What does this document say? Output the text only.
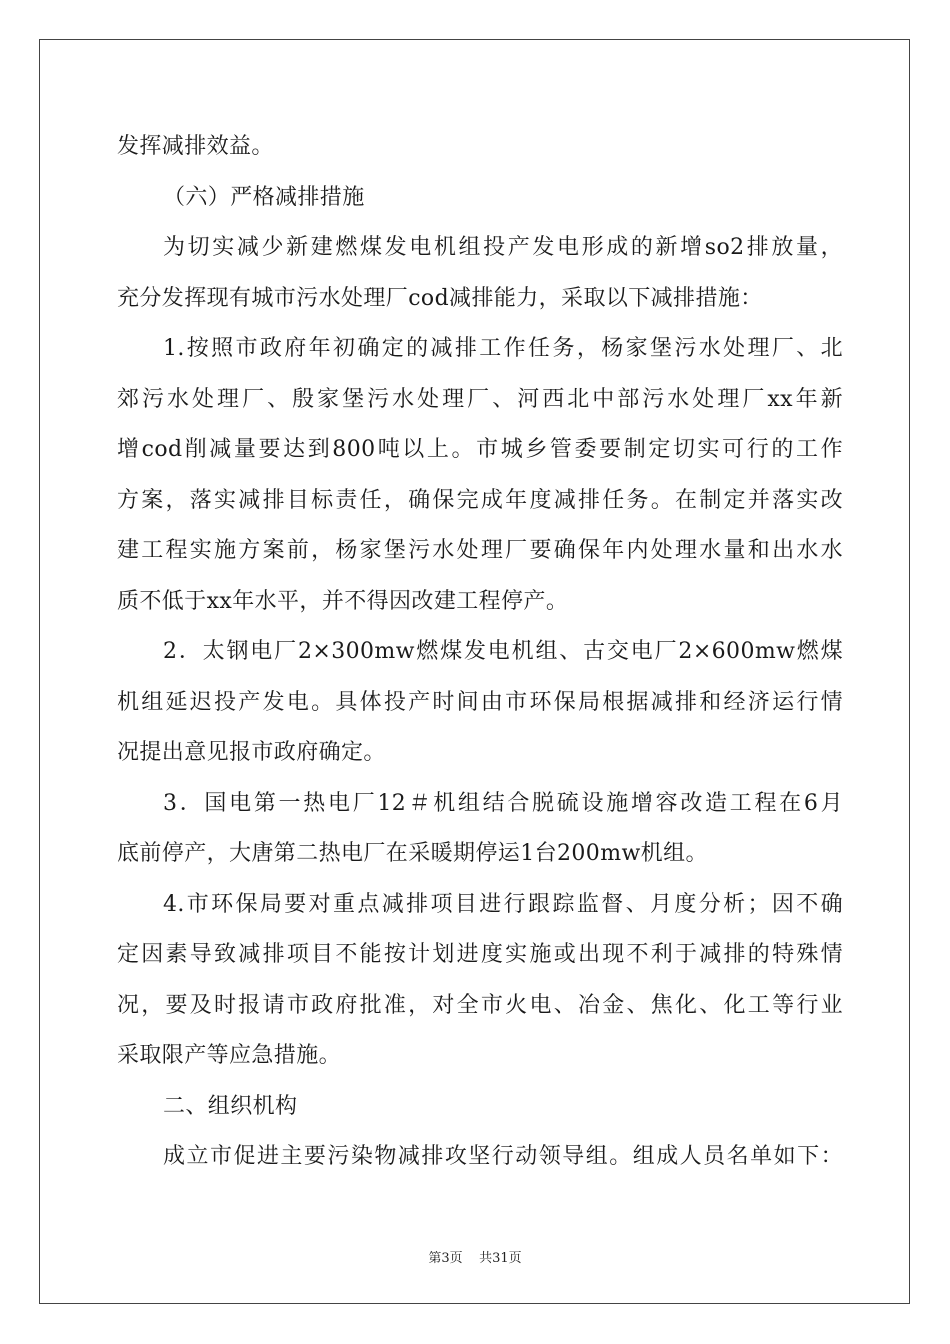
发挥减排效益。
（六）严格减排措施
为切实减少新建燃煤发电机组投产发电形成的新增so2排放量，
充分发挥现有城市污水处理厂cod减排能力，采取以下减排措施：
1.按照市政府年初确定的减排工作任务，杨家堡污水处理厂、北
郊污水处理厂、殷家堡污水处理厂、河西北中部污水处理厂xx年新
增cod削减量要达到800吨以上。市城乡管委要制定切实可行的工作
方案，落实减排目标责任，确保完成年度减排任务。在制定并落实改
建工程实施方案前，杨家堡污水处理厂要确保年内处理水量和出水水
质不低于xx年水平，并不得因改建工程停产。
2．太钢电厂2×300mw燃煤发电机组、古交电厂2×600mw燃煤
机组延迟投产发电。具体投产时间由市环保局根据减排和经济运行情
况提出意见报市政府确定。
3．国电第一热电厂12＃机组结合脱硫设施增容改造工程在6月
底前停产，大唐第二热电厂在采暖期停运1台200mw机组。
4.市环保局要对重点减排项目进行跟踪监督、月度分析；因不确
定因素导致减排项目不能按计划进度实施或出现不利于减排的特殊情
况，要及时报请市政府批准，对全市火电、冶金、焦化、化工等行业
采取限产等应急措施。
二、组织机构
成立市促进主要污染物减排攻坚行动领导组。组成人员名单如下：
第3页 共31页
